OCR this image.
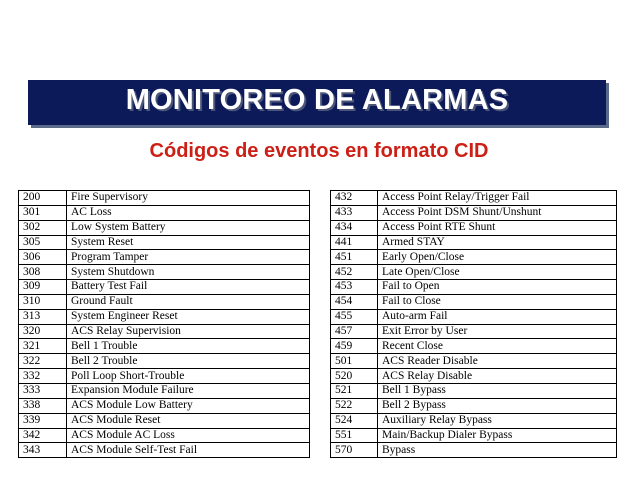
MONITOREO DE ALARMAS
Códigos de eventos en formato CID
200	Fire Supervisory
301	AC Loss
302	Low System Battery
305	System Reset
306	Program Tamper
308	System Shutdown
309	Battery Test Fail
310	Ground Fault
313	System Engineer Reset
320	ACS Relay Supervision
321	Bell 1 Trouble
322	Bell 2 Trouble
332	Poll Loop Short-Trouble
333	Expansion Module Failure
338	ACS Module Low Battery
339	ACS Module Reset
342	ACS Module AC Loss
343	ACS Module Self-Test Fail
432	Access Point Relay/Trigger Fail
433	Access Point DSM Shunt/Unshunt
434	Access Point RTE Shunt
441	Armed STAY
451	Early Open/Close
452	Late Open/Close
453	Fail to Open
454	Fail to Close
455	Auto-arm Fail
457	Exit Error by User
459	Recent Close
501	ACS Reader Disable
520	ACS Relay Disable
521	Bell 1 Bypass
522	Bell 2 Bypass
524	Auxiliary Relay Bypass
551	Main/Backup Dialer Bypass
570	Bypass
